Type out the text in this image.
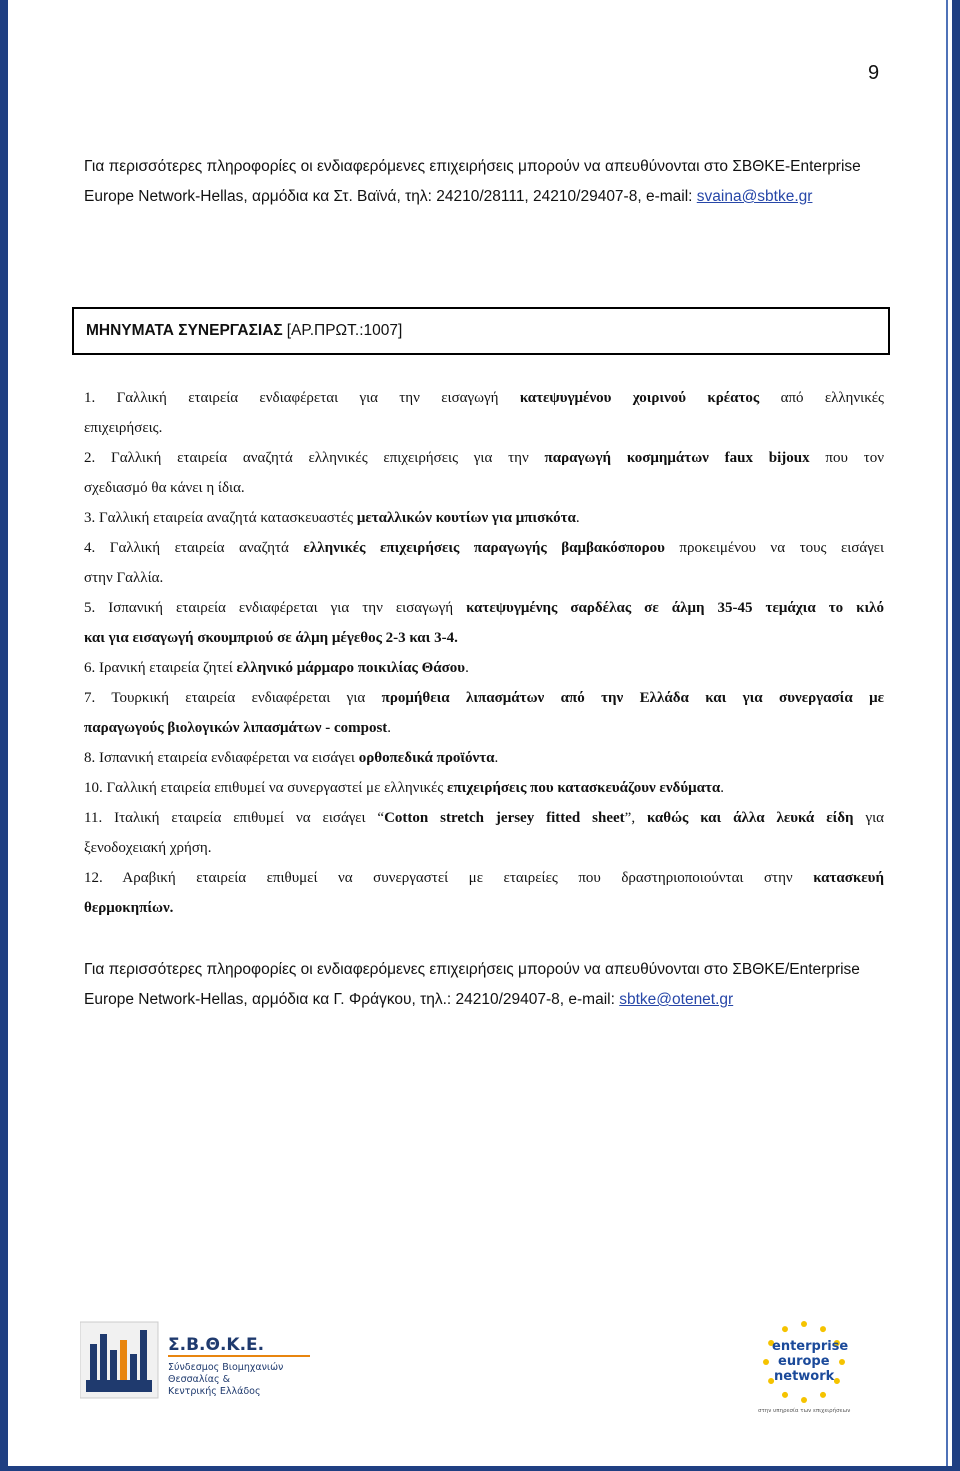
9
Για περισσότερες πληροφορίες οι ενδιαφερόμενες επιχειρήσεις μπορούν να απευθύνονται στο ΣΒΘΚΕ-Enterprise
Europe Network-Hellas, αρμόδια κα Στ. Βαϊνά, τηλ: 24210/28111, 24210/29407-8, e-mail: svaina@sbtke.gr
ΜΗΝΥΜΑΤΑ ΣΥΝΕΡΓΑΣΙΑΣ [ΑΡ.ΠΡΩΤ.:1007]
1. Γαλλική εταιρεία ενδιαφέρεται για την εισαγωγή κατεψυγμένου χοιρινού κρέατος από ελληνικές
επιχειρήσεις.
2. Γαλλική εταιρεία αναζητά ελληνικές επιχειρήσεις για την παραγωγή κοσμημάτων faux bijoux που τον
σχεδιασμό θα κάνει η ίδια.
3. Γαλλική εταιρεία αναζητά κατασκευαστές μεταλλικών κουτίων για μπισκότα.
4. Γαλλική εταιρεία αναζητά ελληνικές επιχειρήσεις παραγωγής βαμβακόσπορου προκειμένου να τους εισάγει
στην Γαλλία.
5. Ισπανική εταιρεία ενδιαφέρεται για την εισαγωγή κατεψυγμένης σαρδέλας σε άλμη 35-45 τεμάχια το κιλό
και για εισαγωγή σκουμπριού σε άλμη μέγεθος 2-3 και 3-4.
6. Ιρανική εταιρεία ζητεί ελληνικό μάρμαρο ποικιλίας Θάσου.
7. Τουρκική εταιρεία ενδιαφέρεται για προμήθεια λιπασμάτων από την Ελλάδα και για συνεργασία με
παραγωγούς βιολογικών λιπασμάτων - compost.
8. Ισπανική εταιρεία ενδιαφέρεται να εισάγει ορθοπεδικά προϊόντα.
10. Γαλλική εταιρεία επιθυμεί να συνεργαστεί με ελληνικές επιχειρήσεις που κατασκευάζουν ενδύματα.
11. Ιταλική εταιρεία επιθυμεί να εισάγει “Cotton stretch jersey fitted sheet”, καθώς και άλλα λευκά είδη για
ξενοδοχειακή χρήση.
12. Αραβική εταιρεία επιθυμεί να συνεργαστεί με εταιρείες που δραστηριοποιούνται στην κατασκευή
θερμοκηπίων.
Για περισσότερες πληροφορίες οι ενδιαφερόμενες επιχειρήσεις μπορούν να απευθύνονται στο ΣΒΘΚΕ/Enterprise
Europe Network-Hellas, αρμόδια κα Γ. Φράγκου, τηλ.: 24210/29407-8, e-mail: sbtke@otenet.gr
Σ.Β.Θ.Κ.Ε.
Σύνδεσμος Βιομηχανιών
Θεσσαλίας &
Κεντρικής Ελλάδος
enterprise
europe
network
στην υπηρεσία των επιχειρήσεων
